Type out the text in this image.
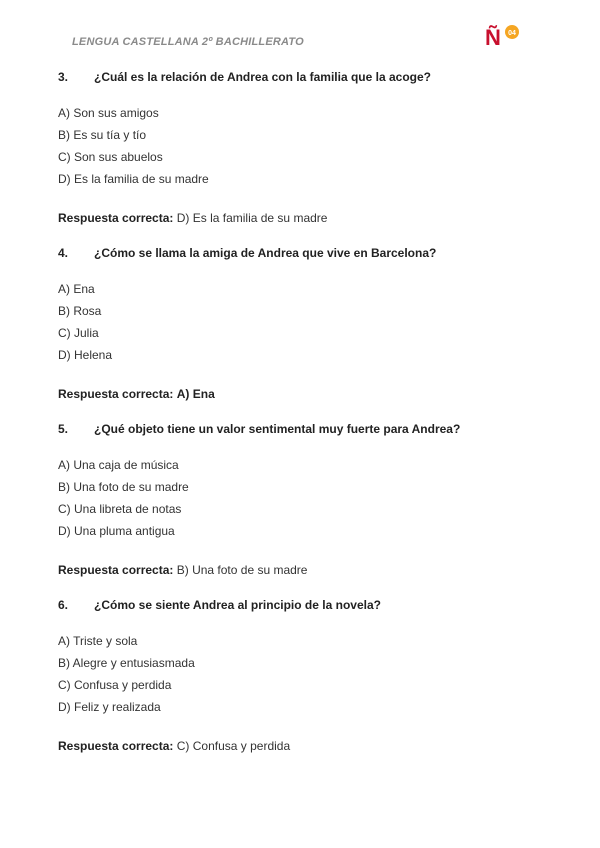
LENGUA CASTELLANA 2º BACHILLERATO	Ñ 04
3.	¿Cuál es la relación de Andrea con la familia que la acoge?
A) Son sus amigos
B) Es su tía y tío
C) Son sus abuelos
D) Es la familia de su madre
Respuesta correcta: D) Es la familia de su madre
4.	¿Cómo se llama la amiga de Andrea que vive en Barcelona?
A) Ena
B) Rosa
C) Julia
D) Helena
Respuesta correcta: A) Ena
5.	¿Qué objeto tiene un valor sentimental muy fuerte para Andrea?
A) Una caja de música
B) Una foto de su madre
C) Una libreta de notas
D) Una pluma antigua
Respuesta correcta: B) Una foto de su madre
6.	¿Cómo se siente Andrea al principio de la novela?
A) Triste y sola
B) Alegre y entusiasmada
C) Confusa y perdida
D) Feliz y realizada
Respuesta correcta: C) Confusa y perdida
